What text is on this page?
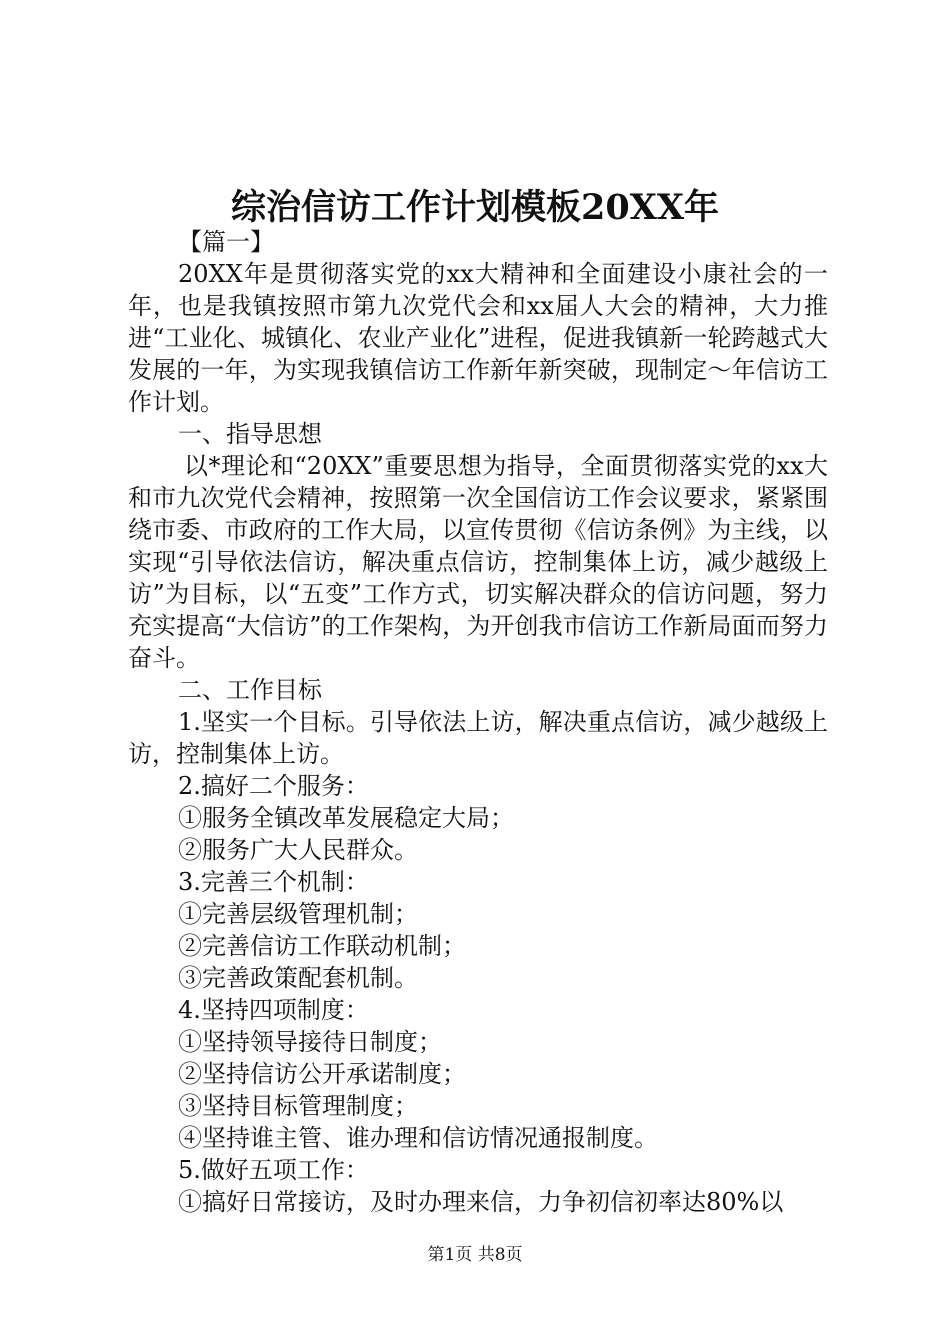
综治信访工作计划模板20XX年

【篇一】

20XX年是贯彻落实党的xx大精神和全面建设小康社会的一年，也是我镇按照市第九次党代会和xx届人大会的精神，大力推进“工业化、城镇化、农业产业化”进程，促进我镇新一轮跨越式大发展的一年，为实现我镇信访工作新年新突破，现制定～年信访工作计划。

一、指导思想

以*理论和“20XX”重要思想为指导，全面贯彻落实党的xx大和市九次党代会精神，按照第一次全国信访工作会议要求，紧紧围绕市委、市政府的工作大局，以宣传贯彻《信访条例》为主线，以实现“引导依法信访，解决重点信访，控制集体上访，减少越级上访”为目标，以“五变”工作方式，切实解决群众的信访问题，努力充实提高“大信访”的工作架构，为开创我市信访工作新局面而努力奋斗。

二、工作目标

1.坚实一个目标。引导依法上访，解决重点信访，减少越级上访，控制集体上访。

2.搞好二个服务：

①服务全镇改革发展稳定大局；

②服务广大人民群众。

3.完善三个机制：

①完善层级管理机制；

②完善信访工作联动机制；

③完善政策配套机制。

4.坚持四项制度：

①坚持领导接待日制度；

②坚持信访公开承诺制度；

③坚持目标管理制度；

④坚持谁主管、谁办理和信访情况通报制度。

5.做好五项工作：

①搞好日常接访，及时办理来信，力争初信初率达80%以

第1页 共8页
